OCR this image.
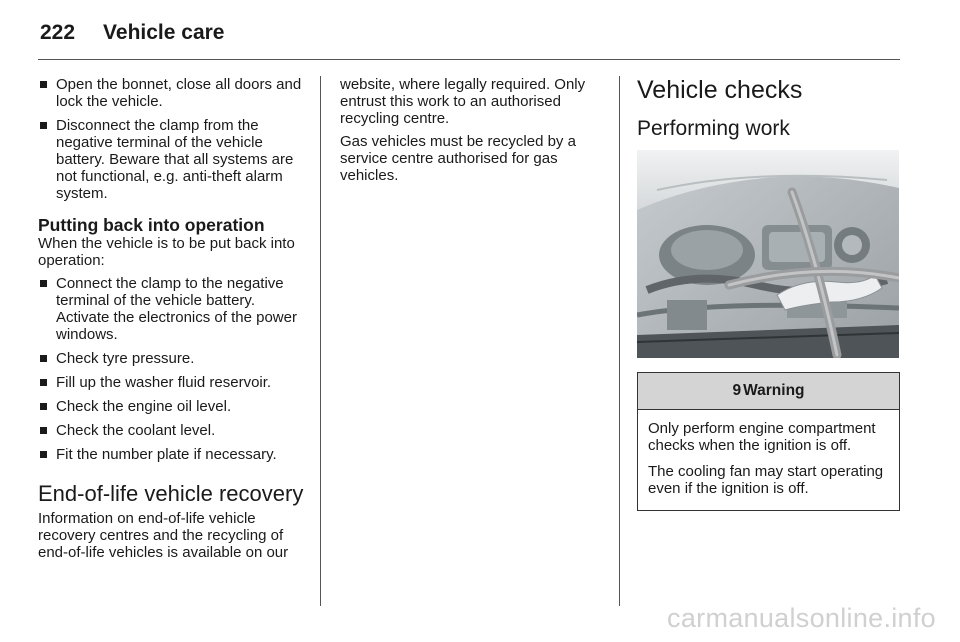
222 Vehicle care
Open the bonnet, close all doors and lock the vehicle.
Disconnect the clamp from the negative terminal of the vehicle battery. Beware that all systems are not functional, e.g. anti-theft alarm system.
Putting back into operation

When the vehicle is to be put back into operation:

Connect the clamp to the negative terminal of the vehicle battery. Activate the electronics of the power windows.
Check tyre pressure.
Fill up the washer fluid reservoir.
Check the engine oil level.
Check the coolant level.
Fit the number plate if necessary.
End-of-life vehicle recovery

Information on end-of-life vehicle recovery centres and the recycling of end-of-life vehicles is available on our

website, where legally required. Only entrust this work to an authorised recycling centre.

Gas vehicles must be recycled by a service centre authorised for gas vehicles.

Vehicle checks
Performing work
9 Warning

Only perform engine compartment checks when the ignition is off.

The cooling fan may start operating even if the ignition is off.

carmanualsonline.info
